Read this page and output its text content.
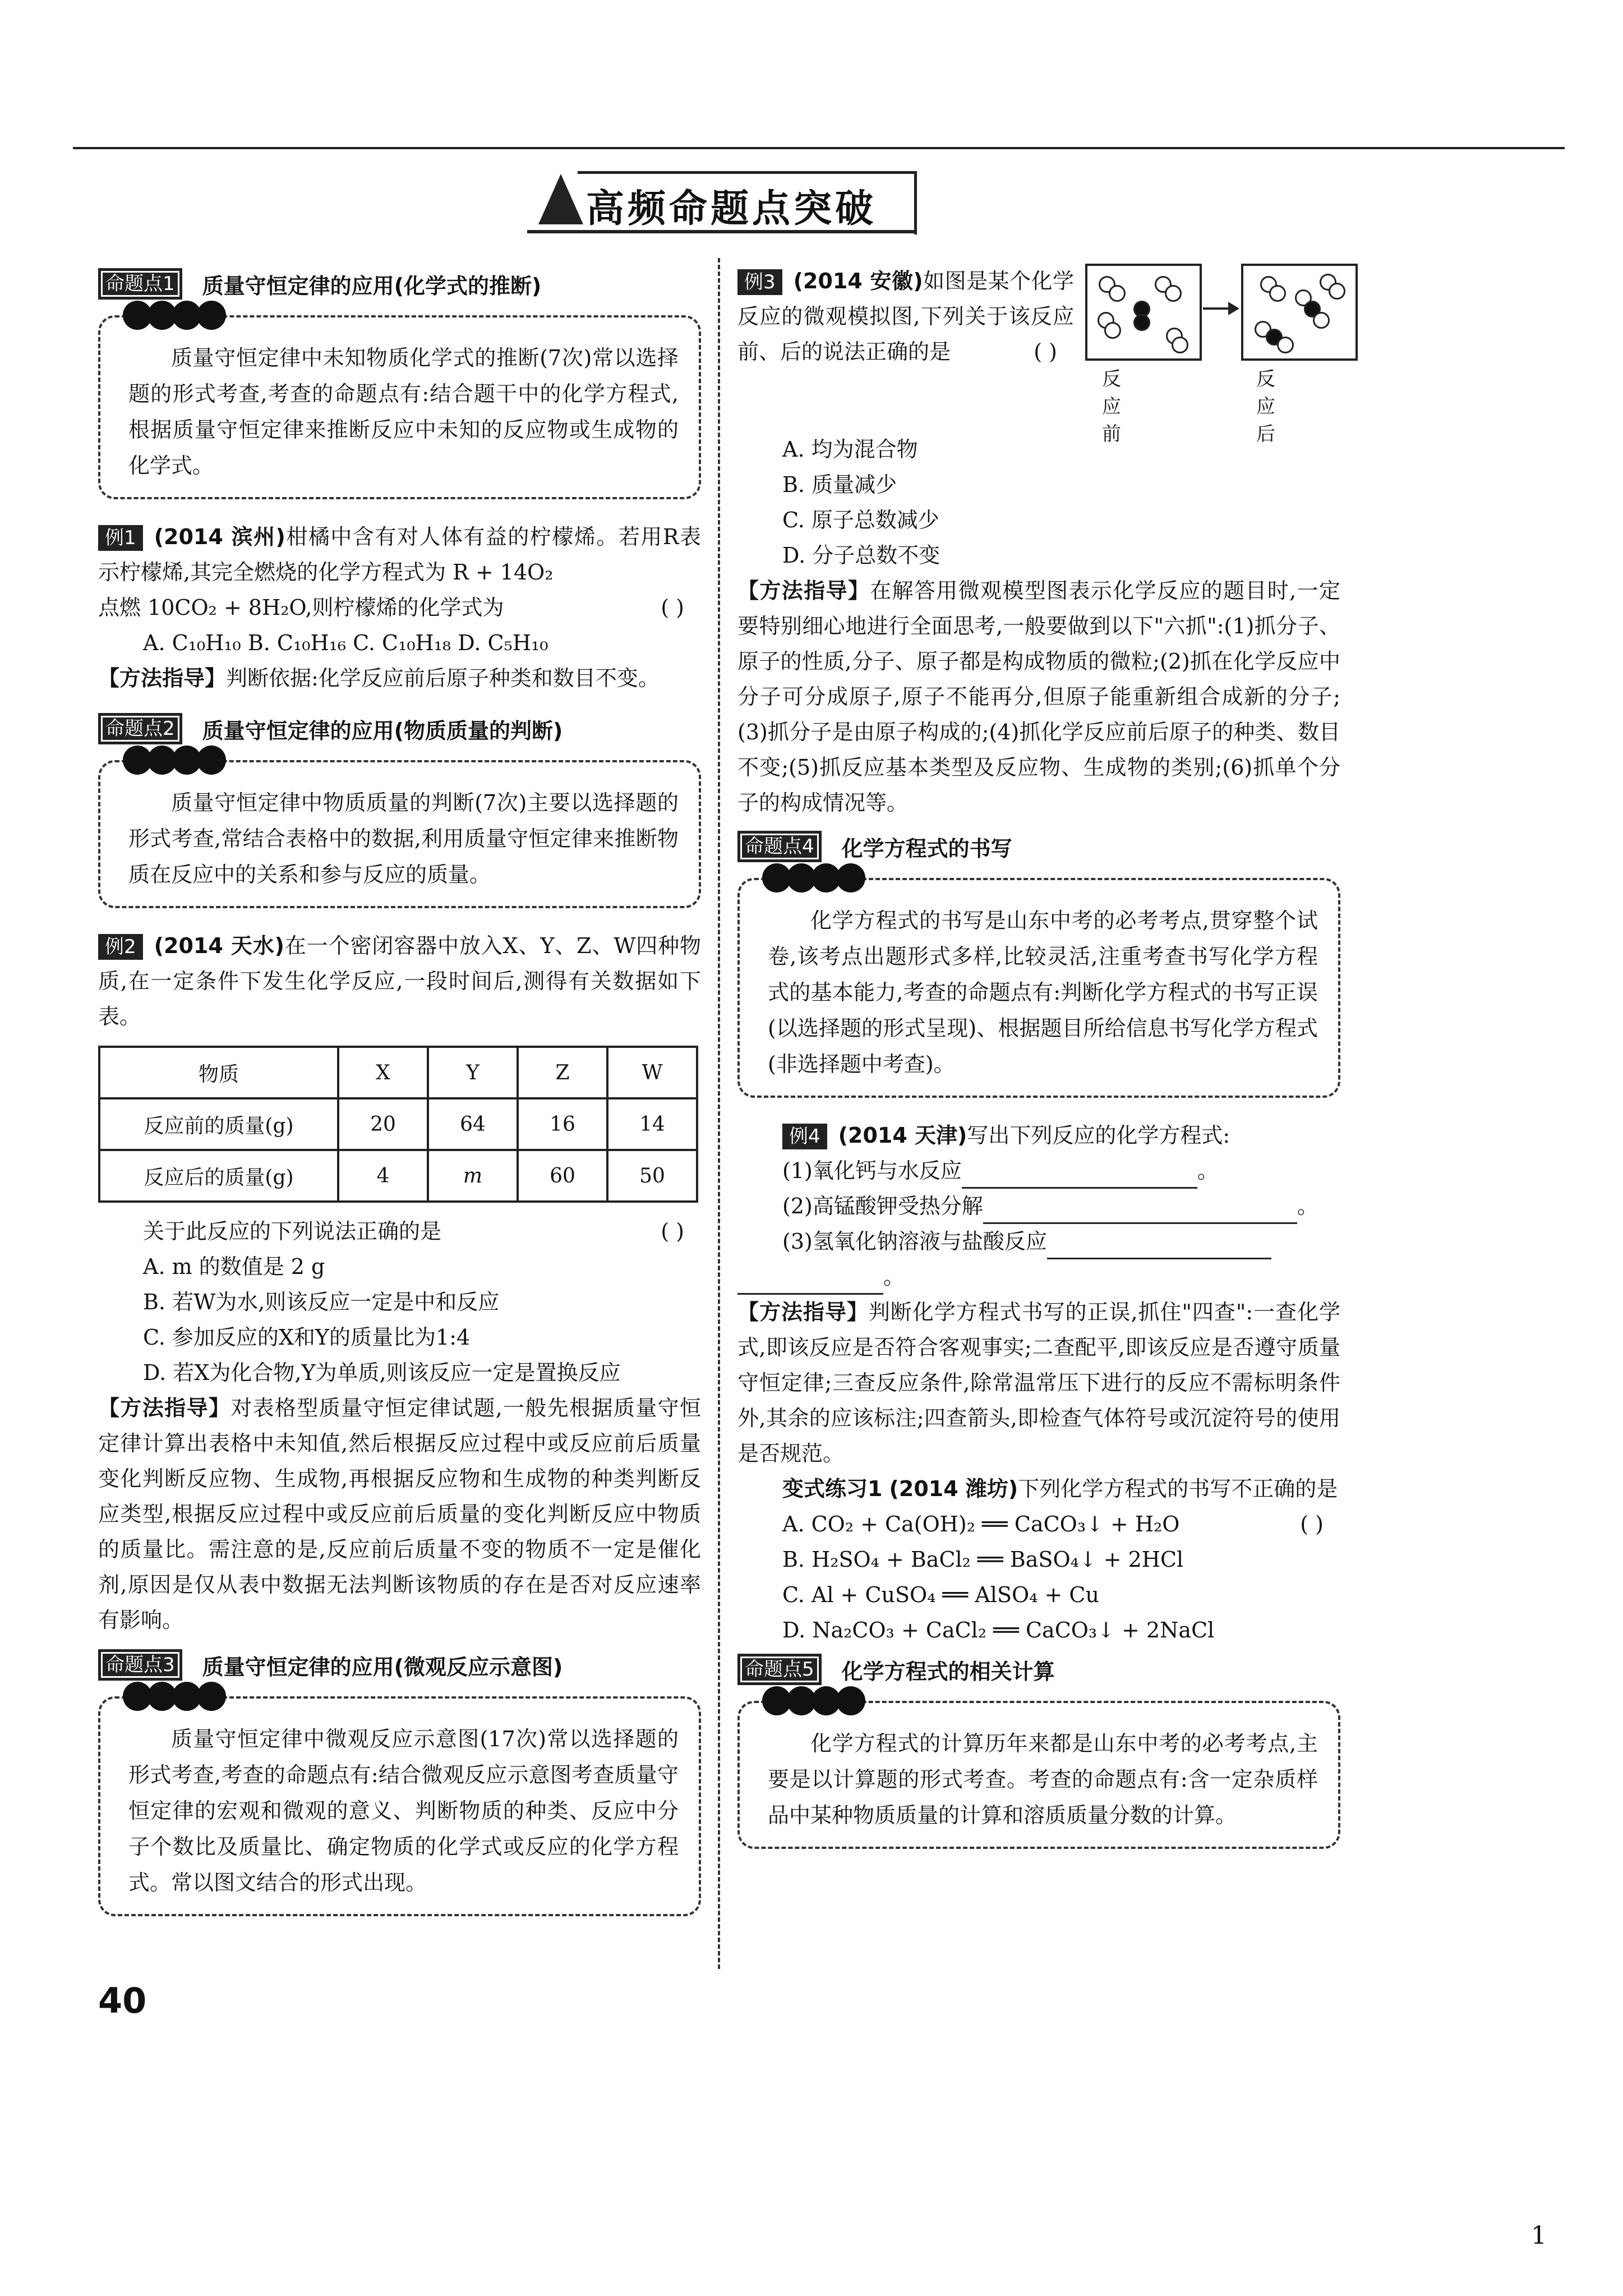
高频命题点突破
命题点1	质量守恒定律的应用(化学式的推断)

质量守恒定律中未知物质化学式的推断(7次)常以选择题的形式考查,考查的命题点有:结合题干中的化学方程式,根据质量守恒定律来推断反应中未知的反应物或生成物的化学式。

例1 (2014 滨州)柑橘中含有对人体有益的柠檬烯。若用R表示柠檬烯,其完全燃烧的化学方程式为 R + 14O₂

点燃 10CO₂ + 8H₂O,则柠檬烯的化学式为	( )

A. C₁₀H₁₀ B. C₁₀H₁₆ C. C₁₀H₁₈ D. C₅H₁₀

【方法指导】判断依据:化学反应前后原子种类和数目不变。

命题点2	质量守恒定律的应用(物质质量的判断)

质量守恒定律中物质质量的判断(7次)主要以选择题的形式考查,常结合表格中的数据,利用质量守恒定律来推断物质在反应中的关系和参与反应的质量。

例2 (2014 天水)在一个密闭容器中放入X、Y、Z、W四种物质,在一定条件下发生化学反应,一段时间后,测得有关数据如下表。

物质	X	Y	Z	W
反应前的质量(g)	20	64	16	14
反应后的质量(g)	4	m	60	50

关于此反应的下列说法正确的是	( )

A. m 的数值是 2 g

B. 若W为水,则该反应一定是中和反应

C. 参加反应的X和Y的质量比为1:4

D. 若X为化合物,Y为单质,则该反应一定是置换反应

【方法指导】对表格型质量守恒定律试题,一般先根据质量守恒定律计算出表格中未知值,然后根据反应过程中或反应前后质量变化判断反应物、生成物,再根据反应物和生成物的种类判断反应类型,根据反应过程中或反应前后质量的变化判断反应中物质的质量比。需注意的是,反应前后质量不变的物质不一定是催化剂,原因是仅从表中数据无法判断该物质的存在是否对反应速率有影响。

命题点3	质量守恒定律的应用(微观反应示意图)

质量守恒定律中微观反应示意图(17次)常以选择题的形式考查,考查的命题点有:结合微观反应示意图考查质量守恒定律的宏观和微观的意义、判断物质的种类、反应中分子个数比及质量比、确定物质的化学式或反应的化学方程式。常以图文结合的形式出现。

例3 (2014 安徽)如图是某个化学反应的微观模拟图,下列关于该反应前、后的说法正确的是	( )

反应前
反应后

A. 均为混合物

B. 质量减少

C. 原子总数减少

D. 分子总数不变

【方法指导】在解答用微观模型图表示化学反应的题目时,一定要特别细心地进行全面思考,一般要做到以下"六抓":(1)抓分子、原子的性质,分子、原子都是构成物质的微粒;(2)抓在化学反应中分子可分成原子,原子不能再分,但原子能重新组合成新的分子;(3)抓分子是由原子构成的;(4)抓化学反应前后原子的种类、数目不变;(5)抓反应基本类型及反应物、生成物的类别;(6)抓单个分子的构成情况等。

命题点4	化学方程式的书写

化学方程式的书写是山东中考的必考考点,贯穿整个试卷,该考点出题形式多样,比较灵活,注重考查书写化学方程式的基本能力,考查的命题点有:判断化学方程式的书写正误(以选择题的形式呈现)、根据题目所给信息书写化学方程式(非选择题中考查)。

例4 (2014 天津)写出下列反应的化学方程式:

(1)氧化钙与水反应	。

(2)高锰酸钾受热分解	。

(3)氢氧化钠溶液与盐酸反应

。

【方法指导】判断化学方程式书写的正误,抓住"四查":一查化学式,即该反应是否符合客观事实;二查配平,即该反应是否遵守质量守恒定律;三查反应条件,除常温常压下进行的反应不需标明条件外,其余的应该标注;四查箭头,即检查气体符号或沉淀符号的使用是否规范。

变式练习1 (2014 潍坊)下列化学方程式的书写不正确的是
( )

A. CO₂ + Ca(OH)₂ ══ CaCO₃↓ + H₂O

B. H₂SO₄ + BaCl₂ ══ BaSO₄↓ + 2HCl

C. Al + CuSO₄ ══ AlSO₄ + Cu

D. Na₂CO₃ + CaCl₂ ══ CaCO₃↓ + 2NaCl

命题点5	化学方程式的相关计算

化学方程式的计算历年来都是山东中考的必考考点,主要是以计算题的形式考查。考查的命题点有:含一定杂质样品中某种物质质量的计算和溶质质量分数的计算。

40
1
